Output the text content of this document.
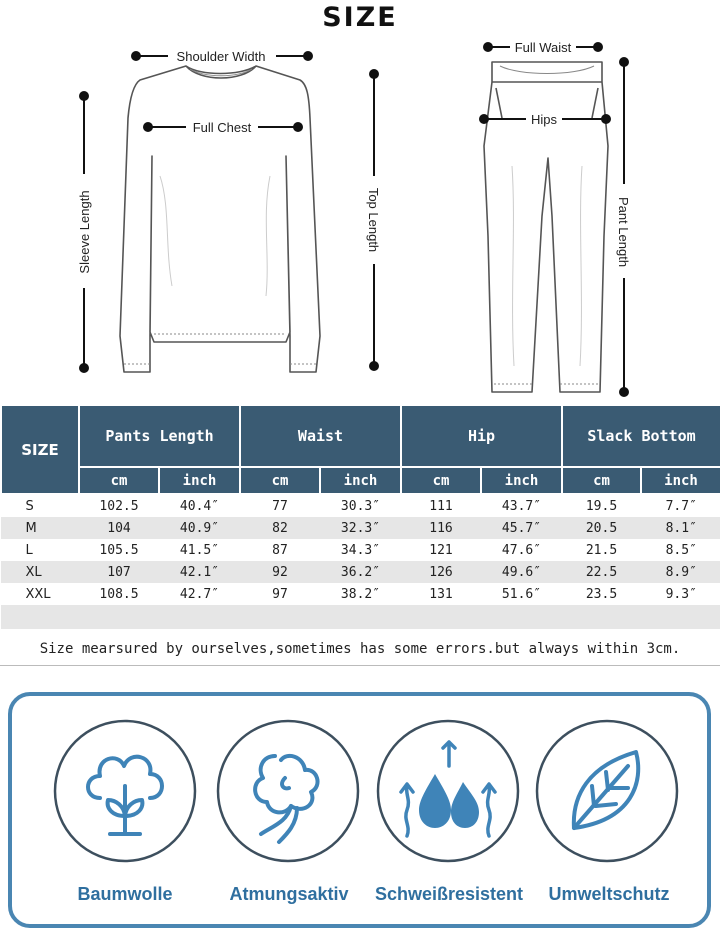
SIZE
Shoulder Width
Full Chest
Sleeve Length	Top Length
Full Waist
Hips
Pant Length
SIZE	Pants Length		Waist		Hip		Slack Bottom	
	cm	inch	cm	inch	cm	inch	cm	inch
S	102.5	40.4″	77	30.3″	111	43.7″	19.5	7.7″
M	104	40.9″	82	32.3″	116	45.7″	20.5	8.1″
L	105.5	41.5″	87	34.3″	121	47.6″	21.5	8.5″
XL	107	42.1″	92	36.2″	126	49.6″	22.5	8.9″
XXL	108.5	42.7″	97	38.2″	131	51.6″	23.5	9.3″

Size mearsured by ourselves,sometimes has some errors.but always within 3cm.
Baumwolle	Atmungsaktiv	Schweißresistent	Umweltschutz
